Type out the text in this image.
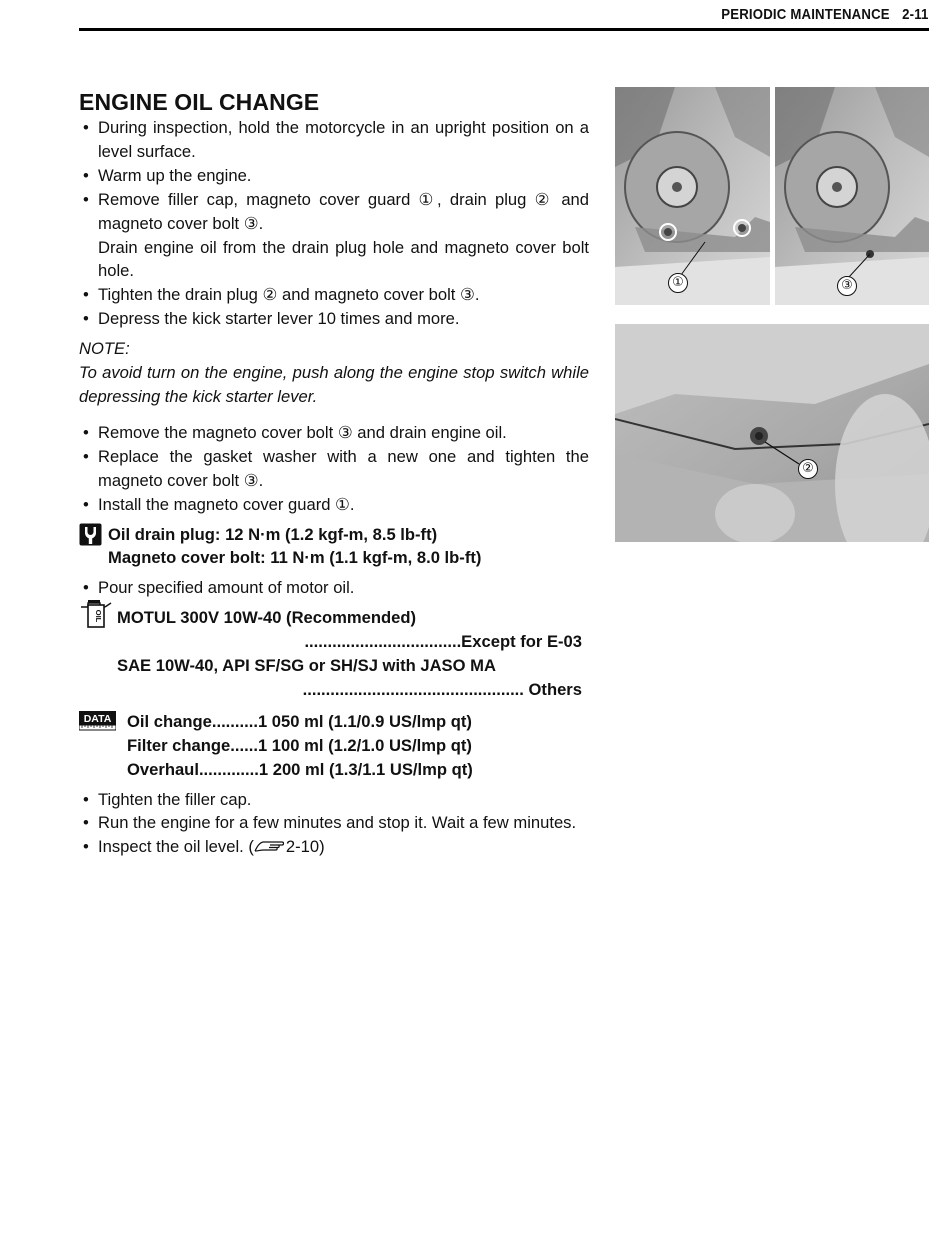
PERIODIC MAINTENANCE 2-11
ENGINE OIL CHANGE
• During inspection, hold the motorcycle in an upright position on a level surface.
• Warm up the engine.
• Remove filler cap, magneto cover guard ①, drain plug ② and magneto cover bolt ③.
Drain engine oil from the drain plug hole and magneto cover bolt hole.
• Tighten the drain plug ② and magneto cover bolt ③.
• Depress the kick starter lever 10 times and more.
NOTE:
To avoid turn on the engine, push along the engine stop switch while depressing the kick starter lever.
• Remove the magneto cover bolt ③ and drain engine oil.
• Replace the gasket washer with a new one and tighten the magneto cover bolt ③.
• Install the magneto cover guard ①.
Oil drain plug: 12 N·m (1.2 kgf-m, 8.5 lb-ft)
Magneto cover bolt: 11 N·m (1.1 kgf-m, 8.0 lb-ft)
• Pour specified amount of motor oil.
OIL MOTUL 300V 10W-40 (Recommended)
..................................Except for E-03
SAE 10W-40, API SF/SG or SH/SJ with JASO MA
................................................ Others
DATA Oil change..........1 050 ml (1.1/0.9 US/lmp qt)
Filter change......1 100 ml (1.2/1.0 US/lmp qt)
Overhaul.............1 200 ml (1.3/1.1 US/lmp qt)
• Tighten the filler cap.
• Run the engine for a few minutes and stop it. Wait a few minutes.
• Inspect the oil level. ( 2-10)
①	③
②
